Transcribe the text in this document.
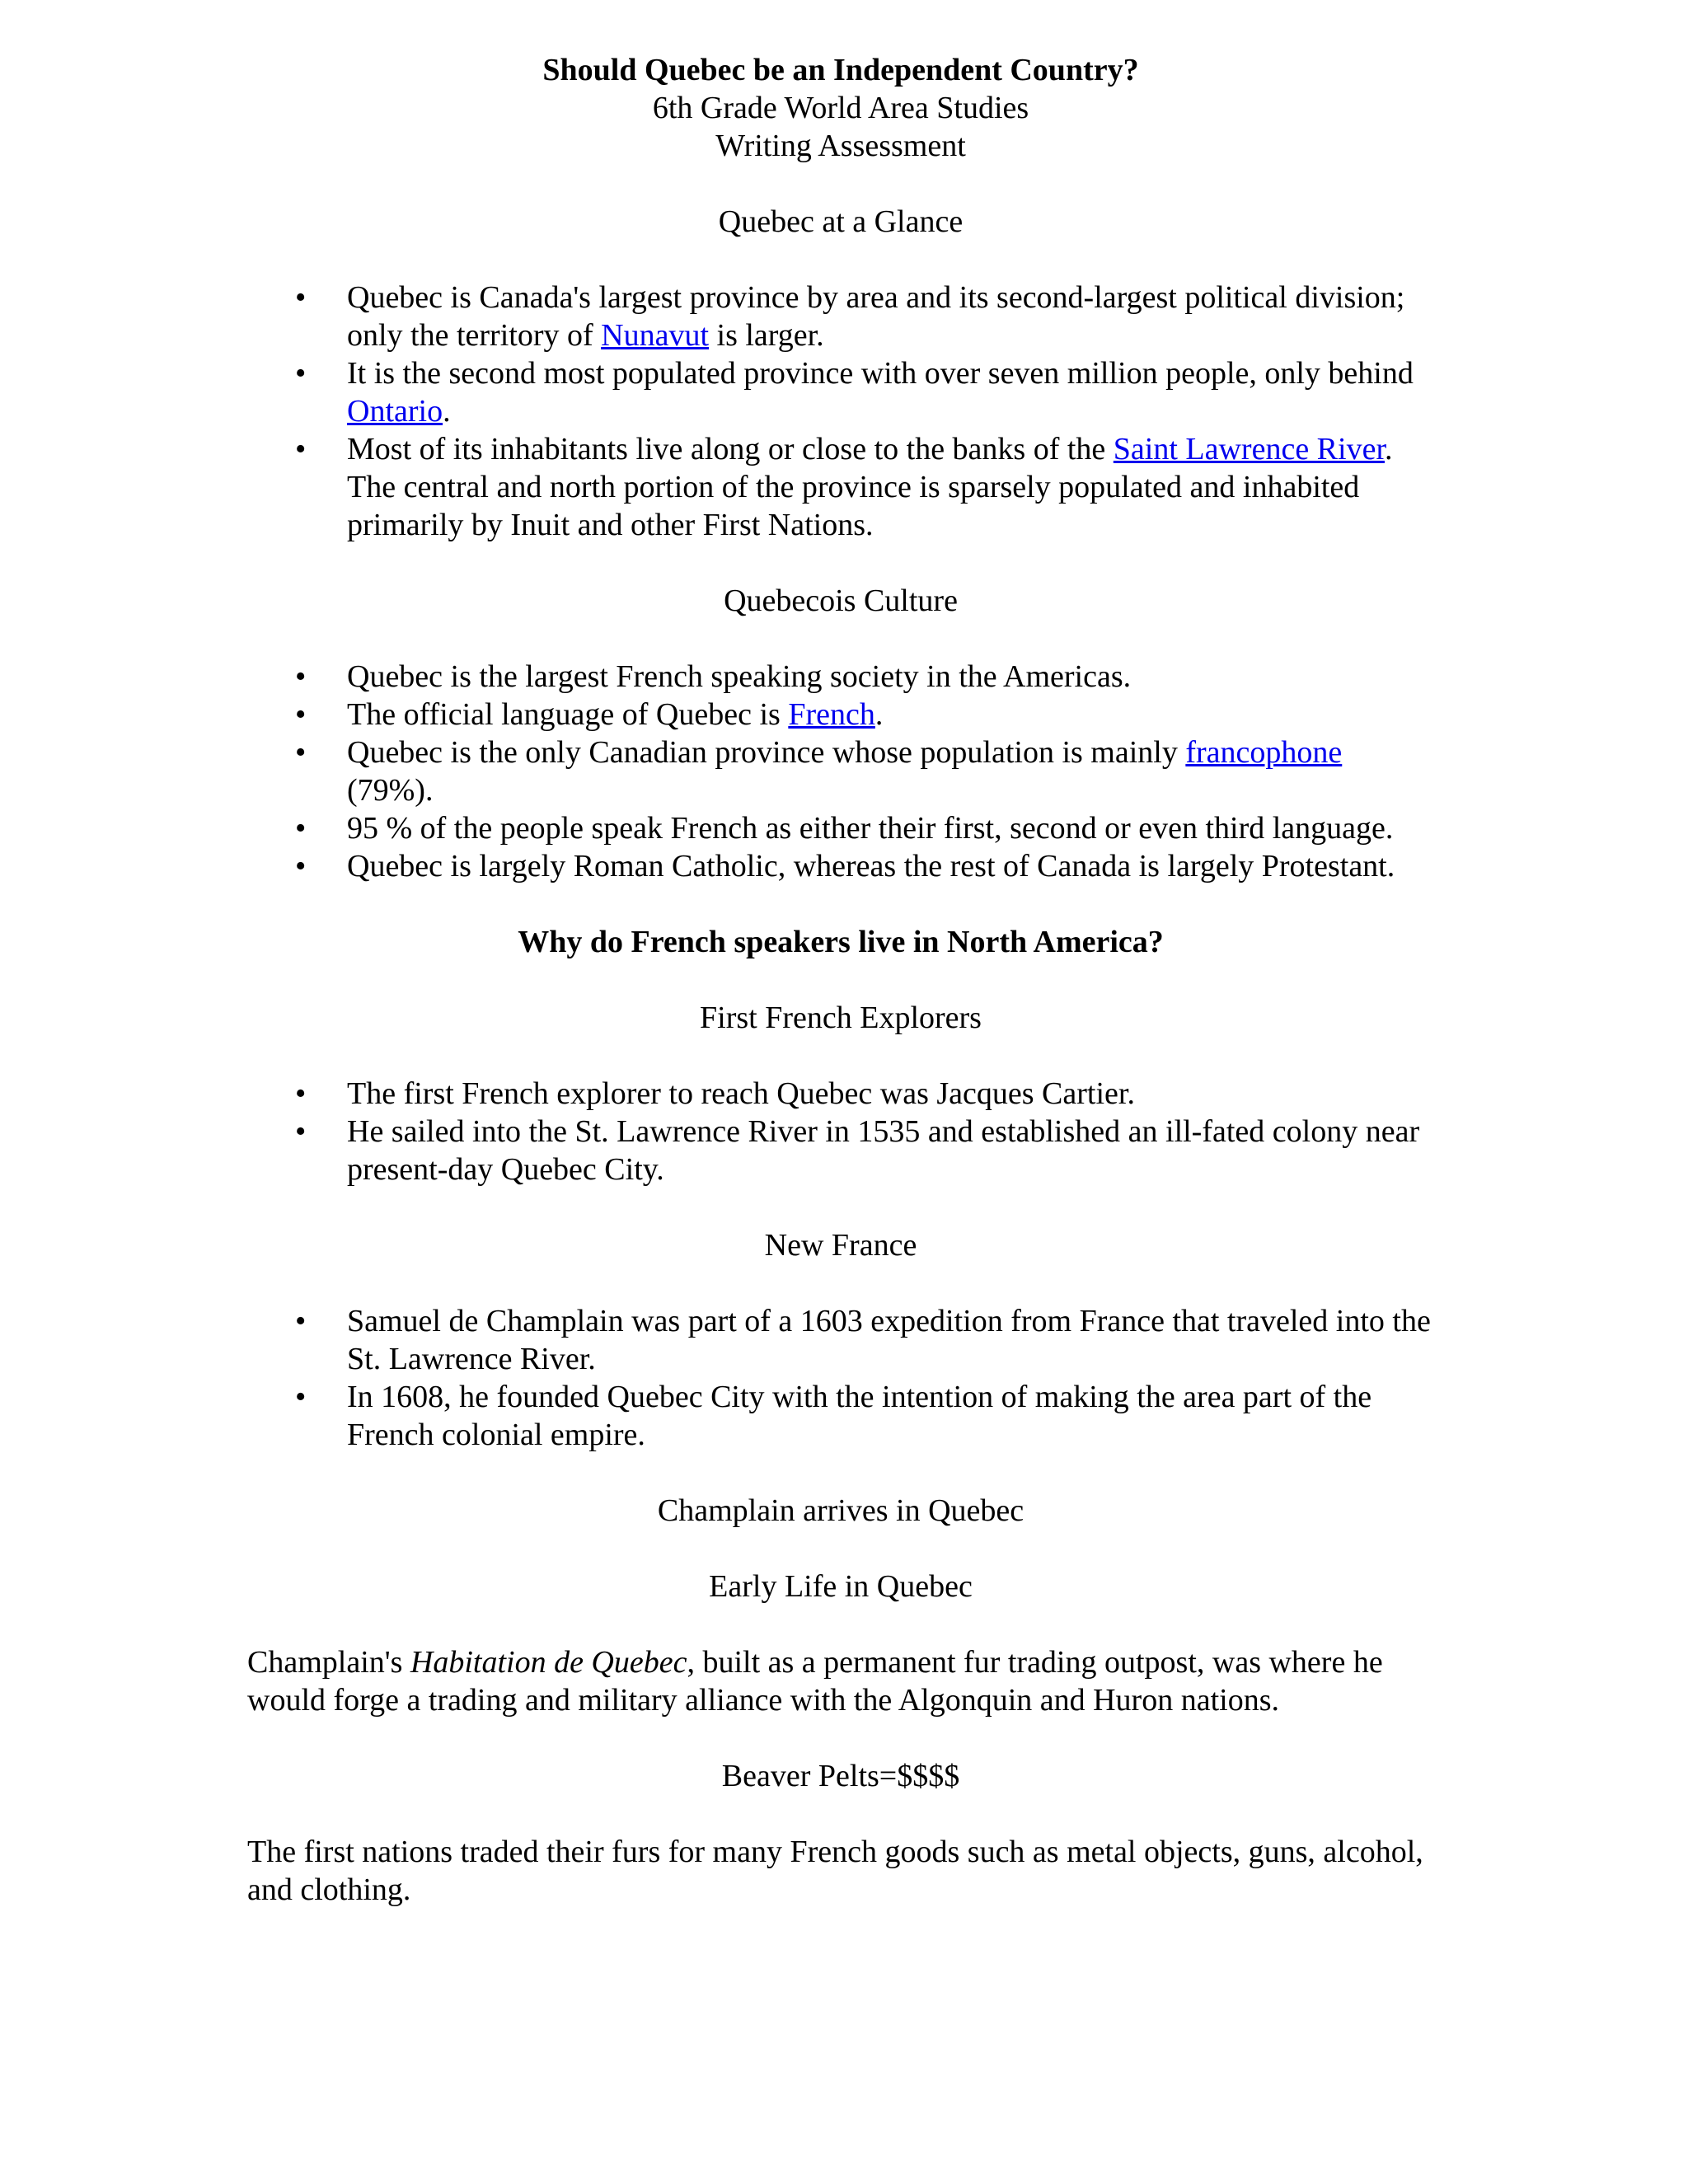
Should Quebec be an Independent Country?

6th Grade World Area Studies

Writing Assessment

Quebec at a Glance

• Quebec is Canada's largest province by area and its second-largest political division; only the territory of Nunavut is larger.
• It is the second most populated province with over seven million people, only behind Ontario.
• Most of its inhabitants live along or close to the banks of the Saint Lawrence River. The central and north portion of the province is sparsely populated and inhabited primarily by Inuit and other First Nations.

Quebecois Culture

• Quebec is the largest French speaking society in the Americas.
• The official language of Quebec is French.
• Quebec is the only Canadian province whose population is mainly francophone (79%).
• 95 % of the people speak French as either their first, second or even third language.
• Quebec is largely Roman Catholic, whereas the rest of Canada is largely Protestant.

Why do French speakers live in North America?

First French Explorers

• The first French explorer to reach Quebec was Jacques Cartier.
• He sailed into the St. Lawrence River in 1535 and established an ill-fated colony near present-day Quebec City.

New France

• Samuel de Champlain was part of a 1603 expedition from France that traveled into the St. Lawrence River.
• In 1608, he founded Quebec City with the intention of making the area part of the French colonial empire.

Champlain arrives in Quebec

Early Life in Quebec

Champlain's Habitation de Quebec, built as a permanent fur trading outpost, was where he would forge a trading and military alliance with the Algonquin and Huron nations.

Beaver Pelts=$$$$

The first nations traded their furs for many French goods such as metal objects, guns, alcohol, and clothing.
